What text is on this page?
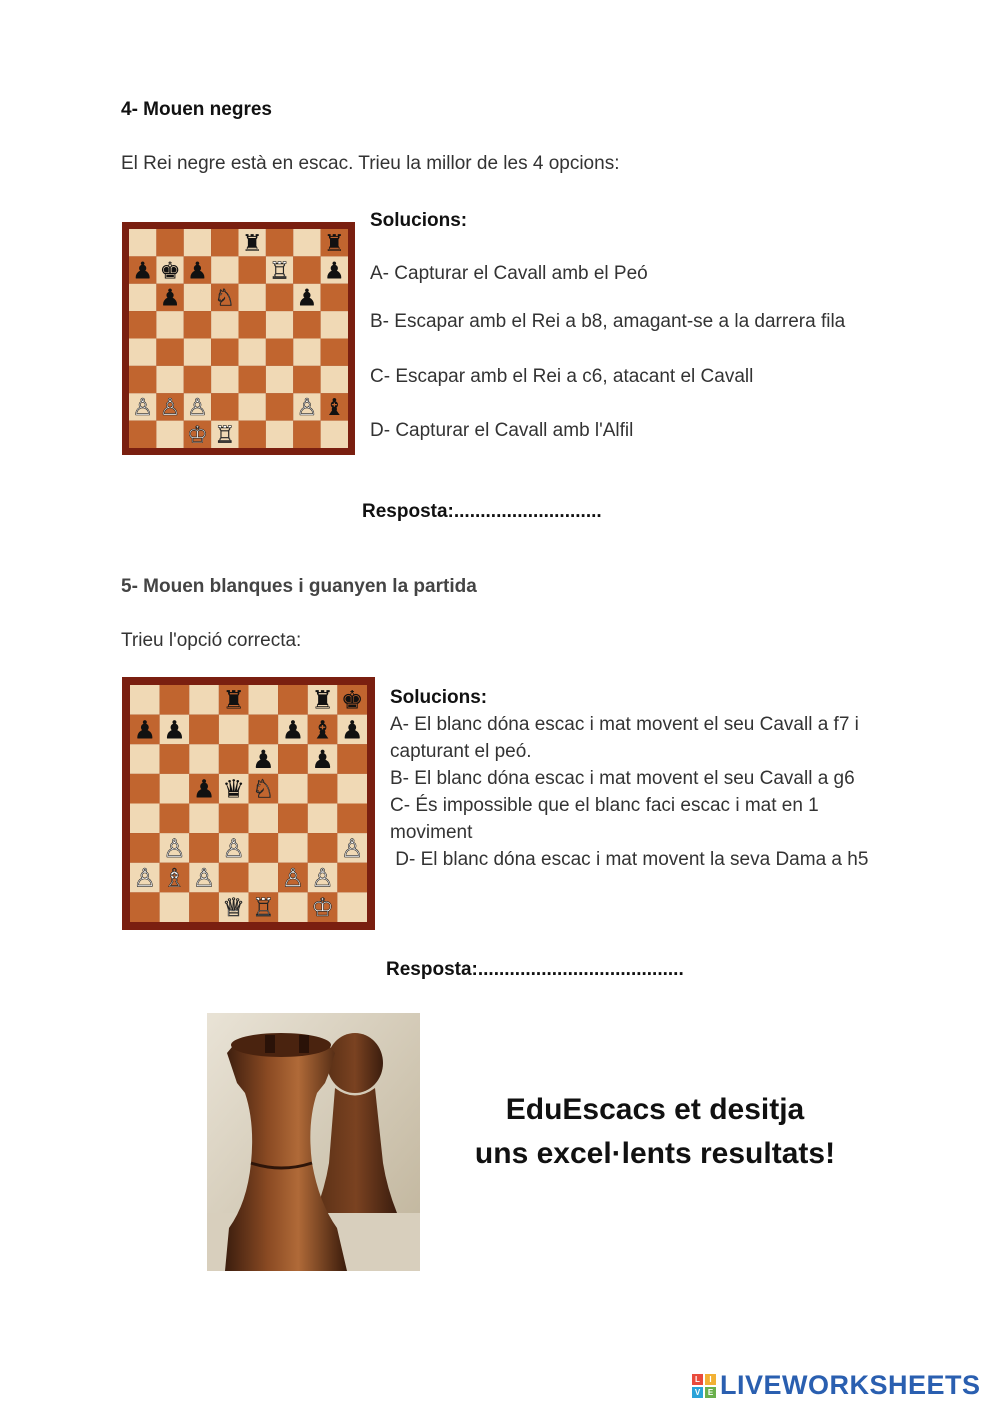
4- Mouen negres
El Rei negre està en escac. Trieu la millor de les 4 opcions:
♜	♜
♟ ♚ ♟	♖ ♟
♟ ♘	♟
♙ ♙ ♙	♙ ♝
♔ ♖
Solucions:
A- Capturar el Cavall amb el Peó
B- Escapar amb el Rei a b8, amagant-se a la darrera fila
C- Escapar amb el Rei a c6, atacant el Cavall
D- Capturar el Cavall amb l'Alfil
Resposta:............................
5- Mouen blanques i guanyen la partida
Trieu l'opció correcta:
♜	♜ ♚
♟ ♟	♟ ♝ ♟
♟ ♟
♟ ♛ ♘
♙ ♙	♙
♙ ♗ ♙	♙ ♙
♕ ♖ ♔
Solucions:
A- El blanc dóna escac i mat movent el seu Cavall a f7 i capturant el peó.
B- El blanc dóna escac i mat movent el seu Cavall a g6
C- És impossible que el blanc faci escac i mat en 1 moviment
D- El blanc dóna escac i mat movent la seva Dama a h5
Resposta:.......................................
EduEscacs et desitja
uns excel·lents resultats!
L	I
V E LIVEWORKSHEETS
